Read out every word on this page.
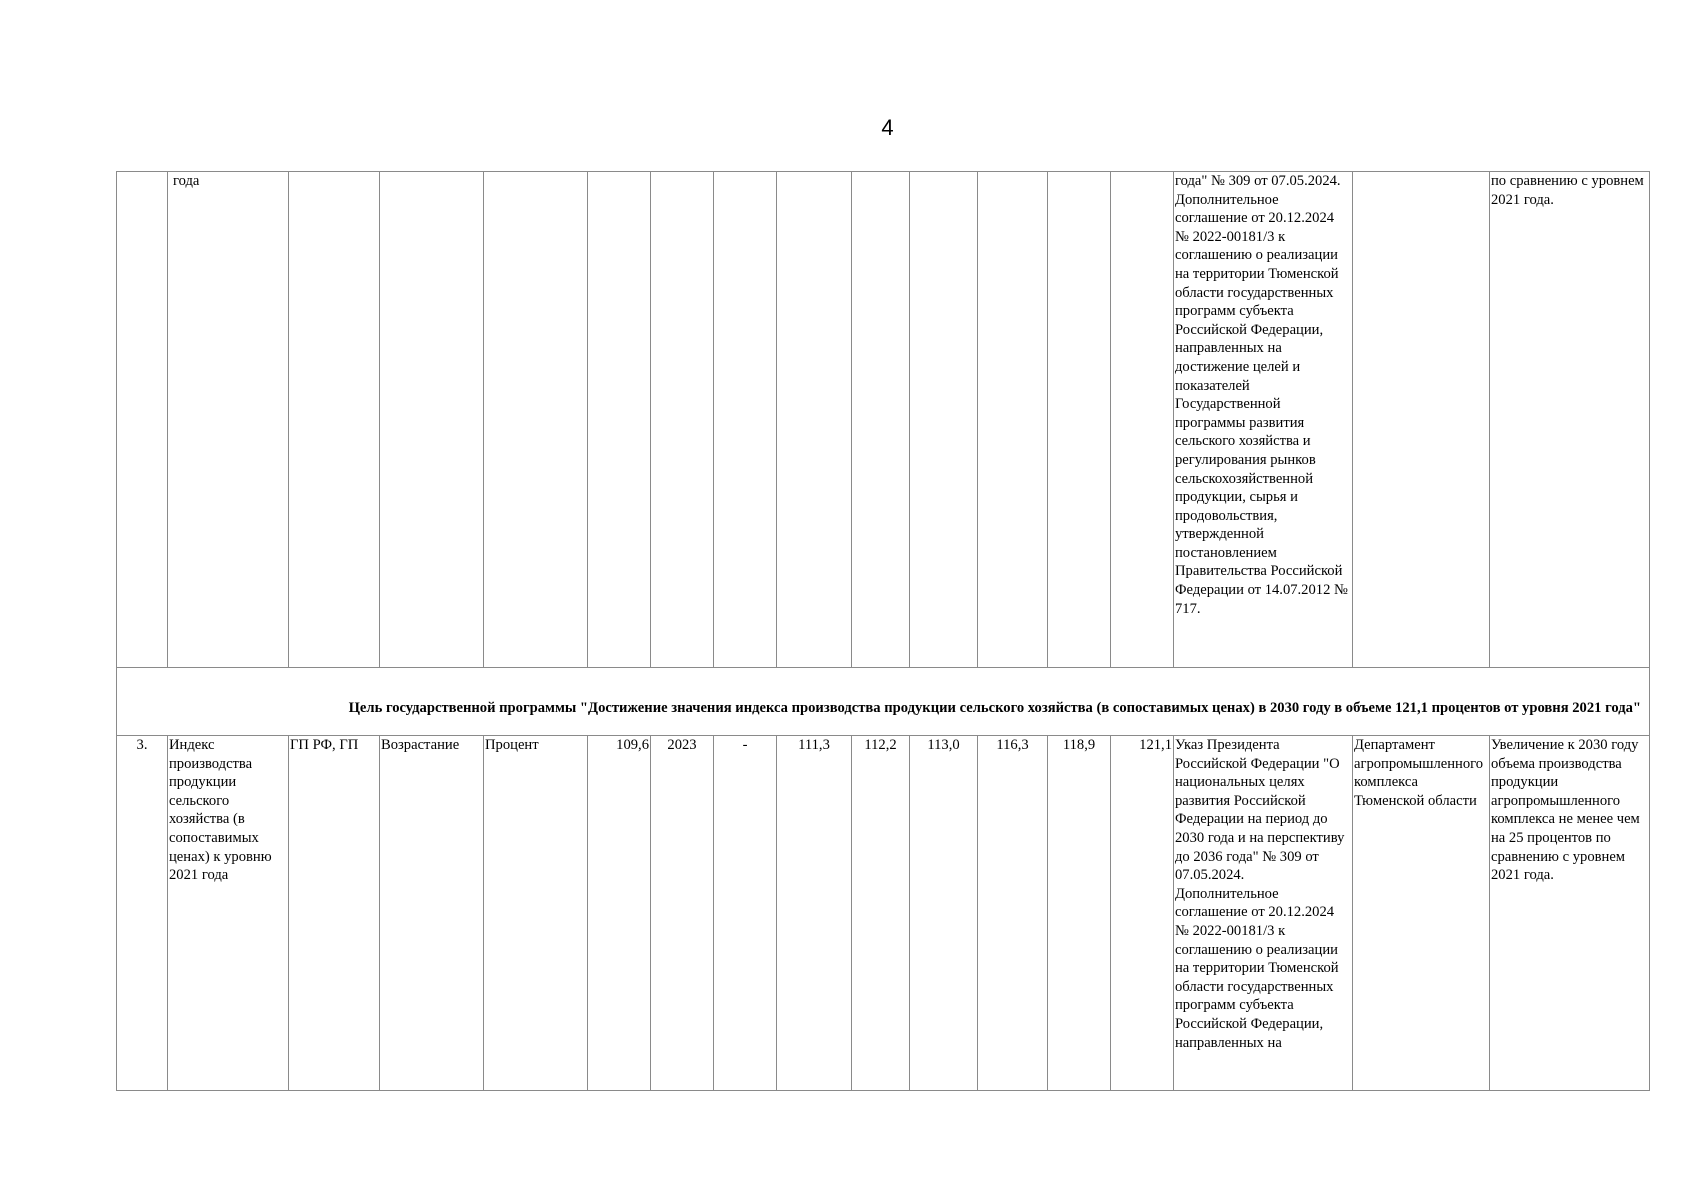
4
	года													года" № 309 от 07.05.2024. Дополнительное соглашение от 20.12.2024 № 2022-00181/3 к соглашению о реализации на территории Тюменской области государственных программ субъекта Российской Федерации, направленных на достижение целей и показателей Государственной программы развития сельского хозяйства и регулирования рынков сельскохозяйственной продукции, сырья и продовольствия, утвержденной постановлением Правительства Российской Федерации от 14.07.2012 № 717.		по сравнению с уровнем 2021 года.
Цель государственной программы "Достижение значения индекса производства продукции сельского хозяйства (в сопоставимых ценах) в 2030 году в объеме 121,1 процентов от уровня 2021 года"																
3.	Индекс производства продукции сельского хозяйства (в сопоставимых ценах) к уровню 2021 года	ГП РФ, ГП	Возрастание	Процент	109,6	2023	-	111,3	112,2	113,0	116,3	118,9	121,1	Указ Президента Российской Федерации "О национальных целях развития Российской Федерации на период до 2030 года и на перспективу до 2036 года" № 309 от 07.05.2024. Дополнительное соглашение от 20.12.2024 № 2022-00181/3 к соглашению о реализации на территории Тюменской области государственных программ субъекта Российской Федерации, направленных на	Департамент агропромышленного комплекса Тюменской области	Увеличение к 2030 году объема производства продукции агропромышленного комплекса не менее чем на 25 процентов по сравнению с уровнем 2021 года.
